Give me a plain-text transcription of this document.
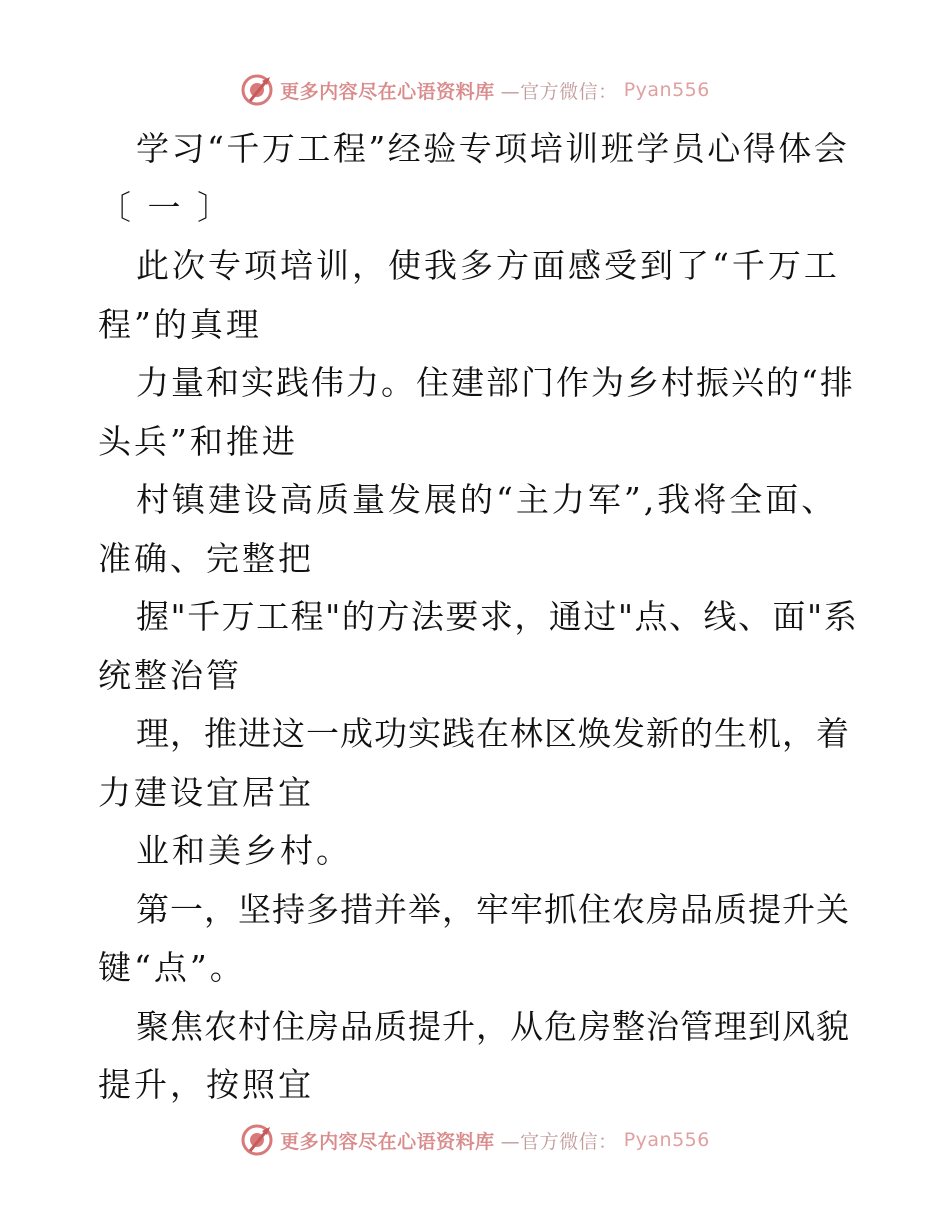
更多内容尽在心语资料库 —官方微信： Pyan556
学习“千万工程”经验专项培训班学员心得体会
〔 一 〕
此次专项培训，使我多方面感受到了“千万工
程”的真理
力量和实践伟力。住建部门作为乡村振兴的“排
头兵”和推进
村镇建设高质量发展的“主力军”,我将全面、
准确、完整把
握"千万工程"的方法要求，通过"点、线、面"系
统整治管
理，推进这一成功实践在林区焕发新的生机，着
力建设宜居宜
业和美乡村。
第一，坚持多措并举，牢牢抓住农房品质提升关
键“点”。
聚焦农村住房品质提升，从危房整治管理到风貌
提升，按照宜
更多内容尽在心语资料库 —官方微信： Pyan556
